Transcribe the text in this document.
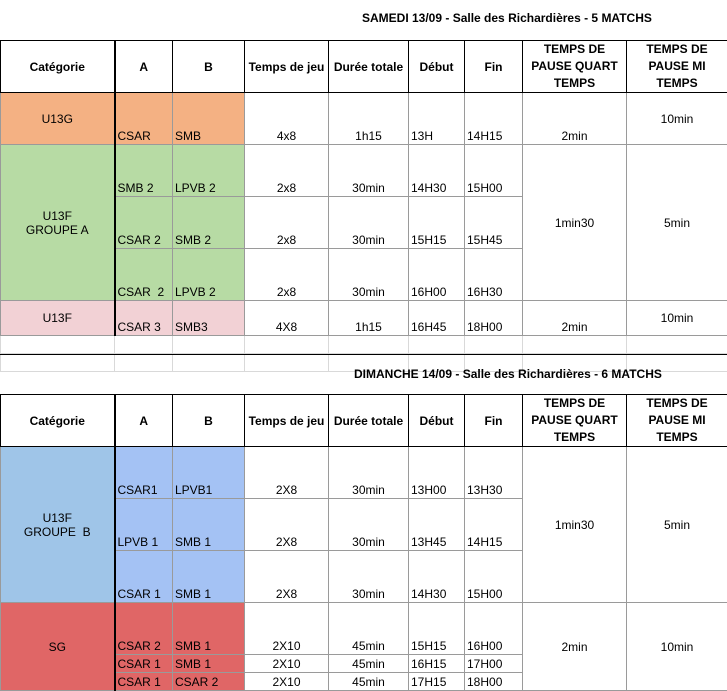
SAMEDI 13/09 - Salle des Richardières - 5 MATCHS
Catégorie	A	B	Temps de jeu	Durée totale	Début	Fin	TEMPS DE PAUSE QUART TEMPS	TEMPS DE PAUSE MI TEMPS
U13G	CSAR	SMB	4x8	1h15	13H	14H15	2min	10min
U13F
GROUPE A	SMB 2	LPVB 2	2x8	30min	14H30	15H00	1min30	5min
	CSAR 2	SMB 2	2x8	30min	15H15	15H45		
	CSAR  2	LPVB 2	2x8	30min	16H00	16H30		
U13F	CSAR 3	SMB3	4X8	1h15	16H45	18H00	2min	10min

DIMANCHE 14/09 - Salle des Richardières - 6 MATCHS
Catégorie	A	B	Temps de jeu	Durée totale	Début	Fin	TEMPS DE PAUSE QUART TEMPS	TEMPS DE PAUSE MI TEMPS
U13F
GROUPE  B	CSAR1	LPVB1	2X8	30min	13H00	13H30	1min30	5min
	LPVB 1	SMB 1	2X8	30min	13H45	14H15		
	CSAR 1	SMB 1	2X8	30min	14H30	15H00		
SG	CSAR 2	SMB 1	2X10	45min	15H15	16H00	2min	10min
	CSAR 1	SMB 1	2X10	45min	16H15	17H00		
	CSAR 1	CSAR 2	2X10	45min	17H15	18H00		
